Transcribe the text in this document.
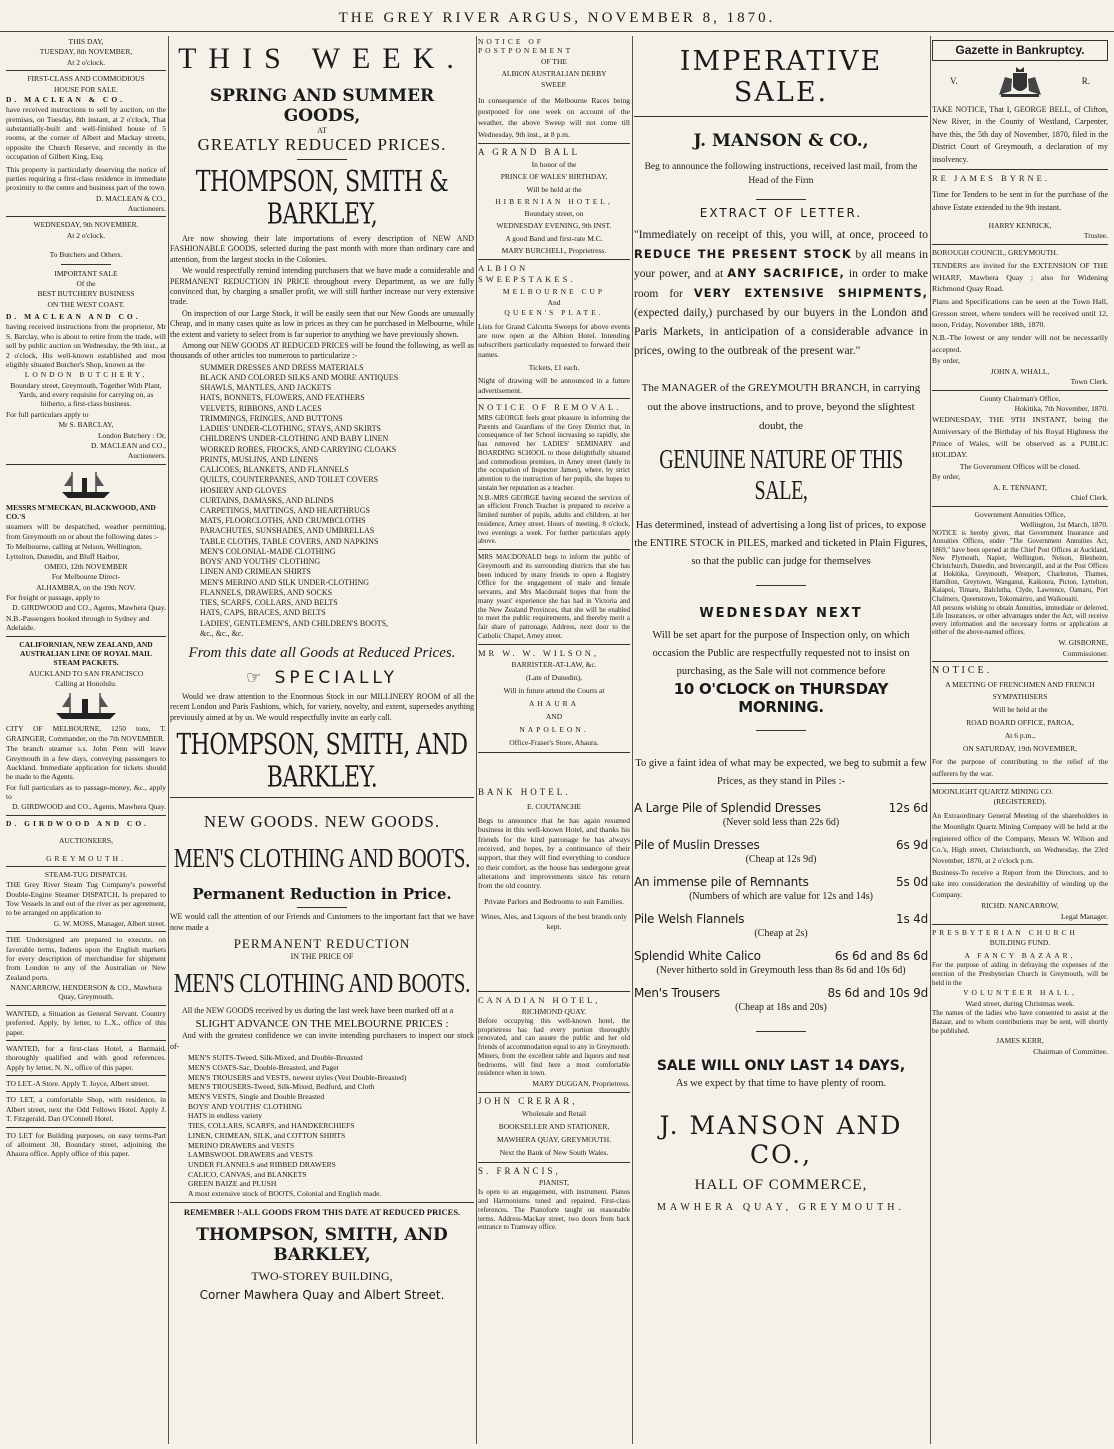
THE GREY RIVER ARGUS, NOVEMBER 8, 1870.

THIS DAY,

TUESDAY, 8th NOVEMBER,

At 2 o'clock.

FIRST-CLASS AND COMMODIOUS

HOUSE FOR SALE.

D. MACLEAN & CO.

have received instructions to sell by auction, on the premises, on Tuesday, 8th instant, at 2 o'clock, That substantially-built and well-finished house of 5 rooms, at the corner of Albert and Mackay streets, opposite the Church Reserve, and recently in the occupation of Gilbert King, Esq.

This property is particularly deserving the notice of parties requiring a first-class residence in immediate proximity to the centre and business part of the town.

D. MACLEAN & CO.,

Auctioneers.

WEDNESDAY, 9th NOVEMBER.

At 2 o'clock.

To Butchers and Others.

IMPORTANT SALE

Of the

BEST BUTCHERY BUSINESS

ON THE WEST COAST.

D. MACLEAN AND CO.

having received instructions from the proprietor, Mr S. Barclay, who is about to retire from the trade, will sell by public auction on Wednesday, the 9th inst., at 2 o'clock, His well-known established and most eligibly situated Butcher's Shop, known as the

LONDON BUTCHERY,

Boundary street, Greymouth, Together With Plant, Yards, and every requisite for carrying on, as hitherto, a first-class business.

For full particulars apply to

Mr S. BARCLAY,

London Butchery : Or,

D. MACLEAN and CO.,

Auctioneers.

MESSRS M'MECKAN, BLACKWOOD, AND CO.'S

steamers will be despatched, weather permitting, from Greymouth on or about the following dates :-

To Melbourne, calling at Nelson, Wellington, Lyttelton, Dunedin, and Bluff Harbor,

OMEO, 12th NOVEMBER

For Melbourne Direct-

ALHAMBRA, on the 19th NOV.

For freight or passage, apply to

D. GIRDWOOD and CO., Agents, Mawhera Quay.

N.B.-Passengers booked through to Sydney and Adelaide.

CALIFORNIAN, NEW ZEALAND, AND AUSTRALIAN LINE OF ROYAL MAIL STEAM PACKETS.

AUCKLAND TO SAN FRANCISCO

Calling at Honolulu.

CITY OF MELBOURNE, 1250 tons, T. GRAINGER, Commander, on the 7th NOVEMBER.

The branch steamer s.s. John Penn will leave Greymouth in a few days, conveying passengers to Auckland. Immediate application for tickets should be made to the Agents.

For full particulars as to passage-money, &c., apply to

D. GIRDWOOD and CO., Agents, Mawhera Quay.

D. GIRDWOOD AND CO.

AUCTIONEERS,

GREYMOUTH.

STEAM-TUG DISPATCH.

THE Grey River Steam Tug Company's powerful Double-Engine Steamer DISPATCH, Is prepared to Tow Vessels in and out of the river as per agreement, to be arranged on application to

G. W. MOSS, Manager, Albert street.

THE Undersigned are prepared to execute, on favorable terms, Indents upon the English markets for every description of merchandise for shipment from London to any of the Australian or New Zealand ports.

NANCARROW, HENDERSON & CO., Mawhera Quay, Greymouth.

WANTED, a Situation as General Servant. Country preferred. Apply, by letter, to L.X., office of this paper.

WANTED, for a first-class Hotel, a Barmaid, thoroughly qualified and with good references. Apply by letter, N. N., office of this paper.

TO LET.-A Store. Apply T. Joyce, Albert street.

TO LET, a comfortable Shop, with residence, in Albert street, next the Odd Fellows Hotel. Apply J. T. Fitzgerald, Dan O'Connell Hotel.

TO LET for Building purposes, on easy terms-Part of allotment 30, Boundary street, adjoining the Ahaura office. Apply office of this paper.

THIS WEEK.
SPRING AND SUMMER GOODS,
AT
GREATLY REDUCED PRICES.
THOMPSON, SMITH & BARKLEY,

Are now showing their late importations of every description of NEW AND FASHIONABLE GOODS, selected during the past month with more than ordinary care and attention, from the largest stocks in the Colonies.

We would respectfully remind intending purchasers that we have made a considerable and PERMANENT REDUCTION IN PRICE throughout every Department, as we are fully convinced that, by charging a smaller profit, we will still further increase our very extensive trade.

On inspection of our Large Stock, it will be easily seen that our New Goods are unusually Cheap, and in many cases quite as low in prices as they can be purchased in Melbourne, while the extent and variety to select from is far superior to anything we have previously shown.

Among our NEW GOODS AT REDUCED PRICES will be found the following, as well as thousands of other articles too numerous to particularize :-

SUMMER DRESSES AND DRESS MATERIALS
BLACK AND COLORED SILKS AND MOIRE ANTIQUES
SHAWLS, MANTLES, AND JACKETS
HATS, BONNETS, FLOWERS, AND FEATHERS
VELVETS, RIBBONS, AND LACES
TRIMMINGS, FRINGES, AND BUTTONS
LADIES' UNDER-CLOTHING, STAYS, AND SKIRTS
CHILDREN'S UNDER-CLOTHING AND BABY LINEN
WORKED ROBES, FROCKS, AND CARRYING CLOAKS
PRINTS, MUSLINS, AND LINENS
CALICOES, BLANKETS, AND FLANNELS
QUILTS, COUNTERPANES, AND TOILET COVERS
HOSIERY AND GLOVES
CURTAINS, DAMASKS, AND BLINDS
CARPETINGS, MATTINGS, AND HEARTHRUGS
MATS, FLOORCLOTHS, AND CRUMBCLOTHS
PARACHUTES, SUNSHADES, AND UMBRELLAS
TABLE CLOTHS, TABLE COVERS, AND NAPKINS
MEN'S COLONIAL-MADE CLOTHING
BOYS' AND YOUTHS' CLOTHING
LINEN AND CRIMEAN SHIRTS
MEN'S MERINO AND SILK UNDER-CLOTHING
FLANNELS, DRAWERS, AND SOCKS
TIES, SCARFS, COLLARS, AND BELTS
HATS, CAPS, BRACES, AND BELTS
LADIES', GENTLEMEN'S, AND CHILDREN'S BOOTS,
&c., &c., &c.
From this date all Goods at Reduced Prices.
☞ SPECIALLY

Would we draw attention to the Enormous Stock in our MILLINERY ROOM of all the recent London and Paris Fashions, which, for variety, novelty, and extent, supersedes anything previously aimed at by us. We would respectfully invite an early call.

THOMPSON, SMITH, AND BARKLEY.
NEW GOODS. NEW GOODS.
MEN'S CLOTHING AND BOOTS.
Permanent Reduction in Price.

WE would call the attention of our Friends and Customers to the important fact that we have now made a

PERMANENT REDUCTION
IN THE PRICE OF
MEN'S CLOTHING AND BOOTS.

All the NEW GOODS received by us during the last week have been marked off at a

SLIGHT ADVANCE ON THE MELBOURNE PRICES :

And with the greatest confidence we can invite intending purchasers to inspect our stock of-

MEN'S SUITS-Tweed, Silk-Mixed, and Double-Breasted
MEN'S COATS-Sac, Double-Breasted, and Paget
MEN'S TROUSERS and VESTS, newest styles (Vest Double-Breasted)
MEN'S TROUSERS-Tweed, Silk-Mixed, Bedford, and Cloth
MEN'S VESTS, Single and Double Breasted
BOYS' AND YOUTHS' CLOTHING
HATS in endless variety
TIES, COLLARS, SCARFS, and HANDKERCHIEFS
LINEN, CRIMEAN, SILK, and COTTON SHIRTS
MERINO DRAWERS and VESTS
LAMBSWOOL DRAWERS and VESTS
UNDER FLANNELS and RIBBED DRAWERS
CALICO, CANVAS, and BLANKETS
GREEN BAIZE and PLUSH
A most extensive stock of BOOTS, Colonial and English made.
REMEMBER !-ALL GOODS FROM THIS DATE AT REDUCED PRICES.
THOMPSON, SMITH, AND BARKLEY,
TWO-STOREY BUILDING,
Corner Mawhera Quay and Albert Street.

NOTICE OF POSTPONEMENT

OF THE

ALBION AUSTRALIAN DERBY

SWEEP.

In consequence of the Melbourne Races being postponed for one week on account of the weather, the above Sweep will not come till Wednesday, 9th inst., at 8 p.m.

A GRAND BALL

In honor of the

PRINCE OF WALES' BIRTHDAY,

Will be held at the

HIBERNIAN HOTEL,

Boundary street, on

WEDNESDAY EVENING, 9th INST.

A good Band and first-rate M.C.

MARY BURCHELL, Proprietress.

ALBION SWEEPSTAKES.

MELBOURNE CUP

And

QUEEN'S PLATE.

Lists for Grand Calcutta Sweeps for above events are now open at the Albion Hotel. Intending subscribers particularly requested to forward their names.

Tickets, £1 each.

Night of drawing will be announced in a future advertisement.

NOTICE OF REMOVAL.

MRS GEORGE feels great pleasure in informing the Parents and Guardians of the Grey District that, in consequence of her School increasing so rapidly, she has removed her LADIES' SEMINARY and BOARDING SCHOOL to those delightfully situated and commodious premises, in Arney street (lately in the occupation of Inspector James), where, by strict attention to the instruction of her pupils, she hopes to sustain her reputation as a teacher.

N.B.-MRS GEORGE having secured the services of an efficient French Teacher is prepared to receive a limited number of pupils, adults and children, at her residence, Arney street. Hours of meeting, 8 o'clock, two evenings a week. For further particulars apply above.

MRS MACDONALD begs to inform the public of Greymouth and its surrounding districts that she has been induced by many friends to open a Registry Office for the engagement of male and female servants, and Mrs Macdonald hopes that from the many years' experience she has had in Victoria and the New Zealand Provinces, that she will be enabled to meet the public requirements, and thereby merit a fair share of patronage. Address, next door to the Catholic Chapel, Arney street.

MR W. W. WILSON,

BARRISTER-AT-LAW, &c.

(Late of Dunedin),

Will in future attend the Courts at

AHAURA

AND

NAPOLEON.

Office-Fraser's Store, Ahaura.

BANK HOTEL.

E. COUTANCHE

Begs to announce that he has again resumed business in this well-known Hotel, and thanks his friends for the kind patronage he has always received, and hopes, by a continuance of their support, that they will find everything to conduce to their comfort, as the house has undergone great alterations and improvements since his return from the old country.

Private Parlors and Bedrooms to suit Families.

Wines, Ales, and Liquors of the best brands only kept.

CANADIAN HOTEL,

RICHMOND QUAY.

Before occupying this well-known hotel, the proprietress has had every portion thoroughly renovated, and can assure the public and her old friends of accommodation equal to any in Greymouth. Miners, from the excellent table and liquors and neat bedrooms, will find here a most comfortable residence when in town.

MARY DUGGAN, Proprietress.

JOHN CRERAR,

Wholesale and Retail

BOOKSELLER AND STATIONER,

MAWHERA QUAY, GREYMOUTH.

Next the Bank of New South Wales.

S. FRANCIS,

PIANIST,

Is open to an engagement, with instrument. Pianos and Harmoniums tuned and repaired. First-class references. The Pianoforte taught on reasonable terms. Address-Mackay street, two doors from back entrance to Tramway office.

IMPERATIVE SALE.
J. MANSON & CO.,
Beg to announce the following instructions, received last mail, from the Head of the Firm
EXTRACT OF LETTER.
"Immediately on receipt of this, you will, at once, proceed to REDUCE THE PRESENT STOCK by all means in your power, and at ANY SACRIFICE, in order to make room for VERY EXTENSIVE SHIPMENTS, (expected daily,) purchased by our buyers in the London and Paris Markets, in anticipation of a considerable advance in prices, owing to the outbreak of the present war."
The MANAGER of the GREYMOUTH BRANCH, in carrying out the above instructions, and to prove, beyond the slightest doubt, the
GENUINE NATURE OF THIS SALE,
Has determined, instead of advertising a long list of prices, to expose the ENTIRE STOCK in PILES, marked and ticketed in Plain Figures, so that the public can judge for themselves
WEDNESDAY NEXT
Will be set apart for the purpose of Inspection only, on which occasion the Public are respectfully requested not to insist on purchasing, as the Sale will not commence before
10 O'CLOCK on THURSDAY MORNING.
To give a faint idea of what may be expected, we beg to submit a few Prices, as they stand in Piles :-
A Large Pile of Splendid Dresses	12s 6d
(Never sold less than 22s 6d)
Pile of Muslin Dresses	6s 9d
(Cheap at 12s 9d)
An immense pile of Remnants	5s 0d
(Numbers of which are value for 12s and 14s)
Pile Welsh Flannels	1s 4d
(Cheap at 2s)
Splendid White Calico	6s 6d and 8s 6d
(Never hitherto sold in Greymouth less than 8s 6d and 10s 6d)
Men's Trousers	8s 6d and 10s 9d
(Cheap at 18s and 20s)
SALE WILL ONLY LAST 14 DAYS,
As we expect by that time to have plenty of room.
J. MANSON AND CO.,
HALL OF COMMERCE,
MAWHERA QUAY, GREYMOUTH.
Gazette in Bankruptcy.
V.	R.

TAKE NOTICE, That I, GEORGE BELL, of Clifton, New River, in the County of Westland, Carpenter, have this, the 5th day of November, 1870, filed in the District Court of Greymouth, a declaration of my insolvency.

RE JAMES BYRNE.

Time for Tenders to be sent in for the purchase of the above Estate extended to the 9th instant.

HARRY KENRICK,

Trustee.

BOROUGH COUNCIL, GREYMOUTH.

TENDERS are invited for the EXTENSION OF THE WHARF, Mawhera Quay ; also for Widening Richmond Quay Road.

Plans and Specifications can be seen at the Town Hall, Gresson street, where tenders will be received until 12, noon, Friday, November 18th, 1870.

N.B.-The lowest or any tender will not be necessarily accepted.

By order,

JOHN A. WHALL,

Town Clerk.

County Chairman's Office,

Hokitika, 7th November, 1870.

WEDNESDAY, THE 9TH INSTANT, being the Anniversary of the Birthday of his Royal Highness the Prince of Wales, will be observed as a PUBLIC HOLIDAY.

The Government Offices will be closed.

By order,

A. E. TENNANT,

Chief Clerk.

Government Annuities Office,

Wellington, 1st March, 1870.

NOTICE is hereby given, that Government Insurance and Annuities Offices, under "The Government Annuities Act, 1869," have been opened at the Chief Post Offices at Auckland, New Plymouth, Napier, Wellington, Nelson, Blenheim, Christchurch, Dunedin, and Invercargill, and at the Post Offices at Hokitika, Greymouth, Westport, Charleston, Thames, Hamilton, Greytown, Wanganui, Kaikoura, Picton, Lyttelton, Kaiapoi, Timaru, Balclutha, Clyde, Lawrence, Oamaru, Port Chalmers, Queenstown, Tokomairiro, and Waikouaiti.

All persons wishing to obtain Annuities, immediate or deferred, Life Insurances, or other advantages under the Act, will receive every information and the necessary forms or application at either of the above-named offices.

W. GISBORNE,

Commissioner.

NOTICE.

A MEETING OF FRENCHMEN AND FRENCH SYMPATHISERS

Will be held at the

ROAD BOARD OFFICE, PAROA,

At 6 p.m.,

ON SATURDAY, 19th NOVEMBER,

For the purpose of contributing to the relief of the sufferers by the war.

MOONLIGHT QUARTZ MINING CO.

(REGISTERED).

An Extraordinary General Meeting of the shareholders in the Moonlight Quartz Mining Company will be held at the registered office of the Company, Messrs W. Wilson and Co.'s, High street, Christchurch, on Wednesday, the 23rd November, 1870, at 2 o'clock p.m.

Business-To receive a Report from the Directors, and to take into consideration the desirability of winding up the Company.

RICHD. NANCARROW,

Legal Manager.

PRESBYTERIAN CHURCH

BUILDING FUND.

A FANCY BAZAAR,

For the purpose of aiding in defraying the expenses of the erection of the Presbyterian Church in Greymouth, will be held in the

VOLUNTEER HALL,

Ward street, during Christmas week.

The names of the ladies who have consented to assist at the Bazaar, and to whom contributions may be sent, will shortly be published.

JAMES KERR,

Chairman of Committee.
